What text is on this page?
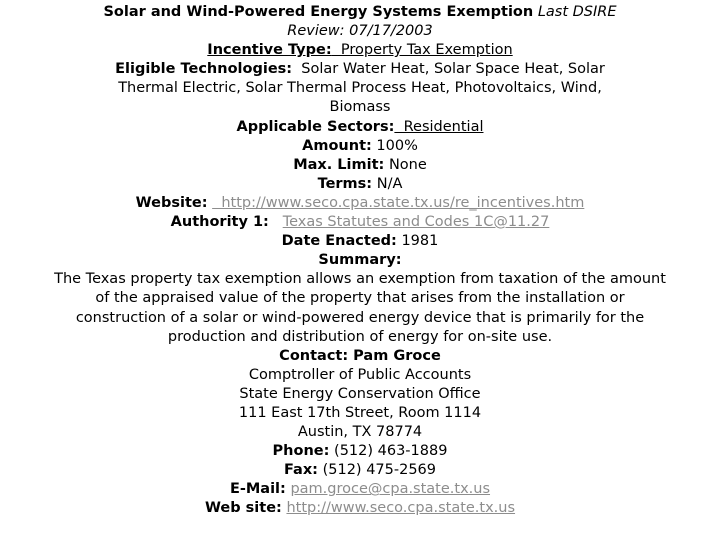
Solar and Wind-Powered Energy Systems Exemption Last DSIRE
Review: 07/17/2003
Incentive Type:  Property Tax Exemption
Eligible Technologies:  Solar Water Heat, Solar Space Heat, Solar
Thermal Electric, Solar Thermal Process Heat, Photovoltaics, Wind,
Biomass
Applicable Sectors:  Residential
Amount: 100%
Max. Limit: None
Terms: N/A
Website:   http://www.seco.cpa.state.tx.us/re_incentives.htm
Authority 1: Texas Statutes and Codes 1C@11.27
Date Enacted: 1981
Summary:
The Texas property tax exemption allows an exemption from taxation of the amount of the appraised value of the property that arises from the installation or construction of a solar or wind-powered energy device that is primarily for the production and distribution of energy for on-site use.
Contact: Pam Groce
Comptroller of Public Accounts
State Energy Conservation Office
111 East 17th Street, Room 1114
Austin, TX 78774
Phone: (512) 463-1889
Fax: (512) 475-2569
E-Mail: pam.groce@cpa.state.tx.us
Web site: http://www.seco.cpa.state.tx.us
